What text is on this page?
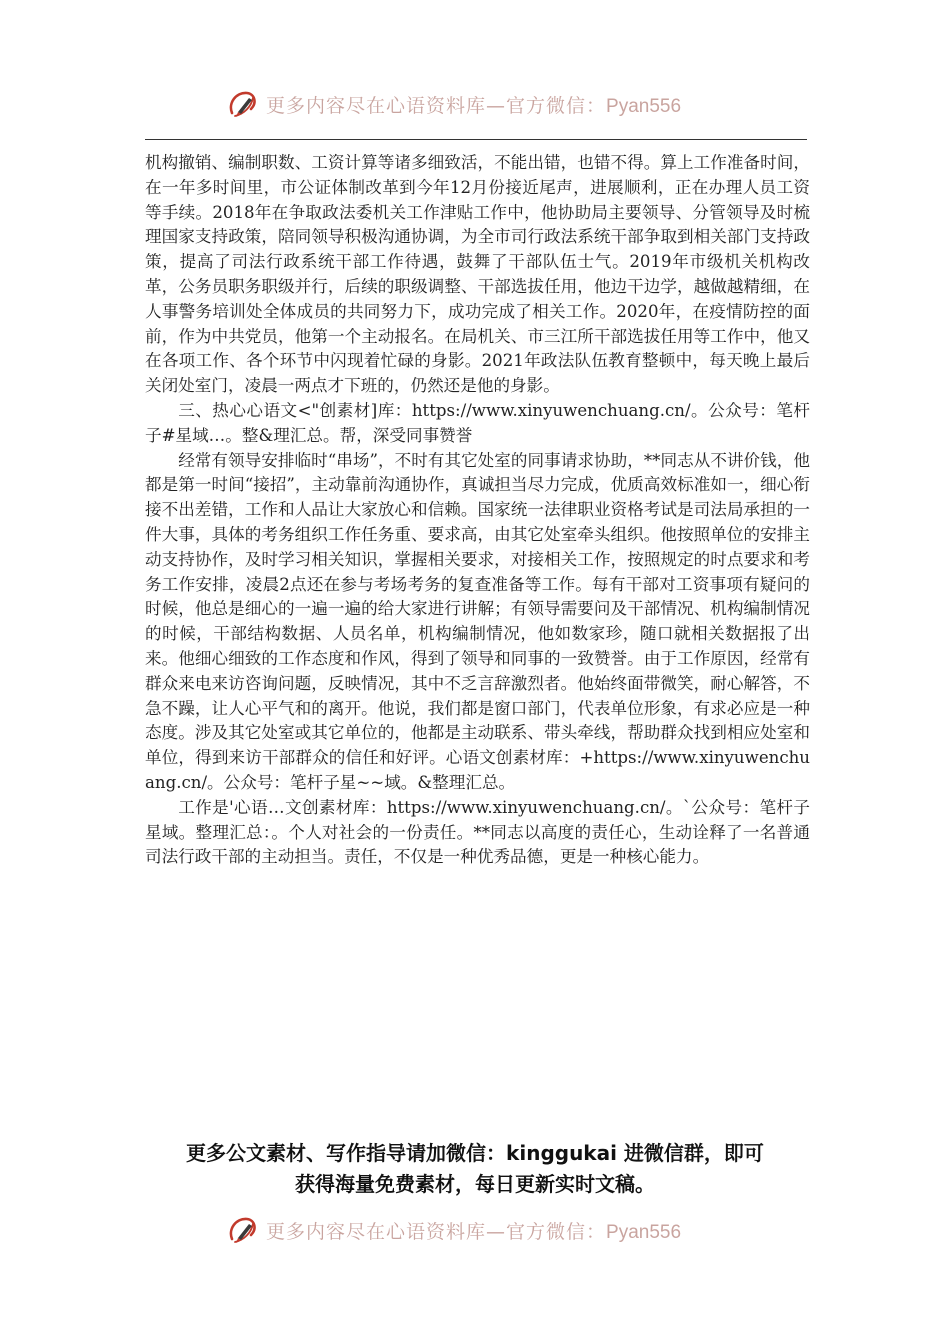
更多内容尽在心语资料库—官方微信：Pyan556

机构撤销、编制职数、工资计算等诸多细致活，不能出错，也错不得。算上工作准备时间，在一年多时间里，市公证体制改革到今年12月份接近尾声，进展顺利，正在办理人员工资等手续。2018年在争取政法委机关工作津贴工作中，他协助局主要领导、分管领导及时梳理国家支持政策，陪同领导积极沟通协调，为全市司行政法系统干部争取到相关部门支持政策，提高了司法行政系统干部工作待遇，鼓舞了干部队伍士气。2019年市级机关机构改革，公务员职务职级并行，后续的职级调整、干部选拔任用，他边干边学，越做越精细，在人事警务培训处全体成员的共同努力下，成功完成了相关工作。2020年，在疫情防控的面前，作为中共党员，他第一个主动报名。在局机关、市三江所干部选拔任用等工作中，他又在各项工作、各个环节中闪现着忙碌的身影。2021年政法队伍教育整顿中，每天晚上最后关闭处室门，凌晨一两点才下班的，仍然还是他的身影。

三、热心心语文<"创素材]库：https://www.xinyuwenchuang.cn/。公众号：笔杆子#星域…。整&理汇总。帮，深受同事赞誉

经常有领导安排临时“串场”，不时有其它处室的同事请求协助，**同志从不讲价钱，他都是第一时间“接招”，主动靠前沟通协作，真诚担当尽力完成，优质高效标准如一，细心衔接不出差错，工作和人品让大家放心和信赖。国家统一法律职业资格考试是司法局承担的一件大事，具体的考务组织工作任务重、要求高，由其它处室牵头组织。他按照单位的安排主动支持协作，及时学习相关知识，掌握相关要求，对接相关工作，按照规定的时点要求和考务工作安排，凌晨2点还在参与考场考务的复查准备等工作。每有干部对工资事项有疑问的时候，他总是细心的一遍一遍的给大家进行讲解；有领导需要问及干部情况、机构编制情况的时候，干部结构数据、人员名单，机构编制情况，他如数家珍，随口就相关数据报了出来。他细心细致的工作态度和作风，得到了领导和同事的一致赞誉。由于工作原因，经常有群众来电来访咨询问题，反映情况，其中不乏言辞激烈者。他始终面带微笑，耐心解答，不急不躁，让人心平气和的离开。他说，我们都是窗口部门，代表单位形象，有求必应是一种态度。涉及其它处室或其它单位的，他都是主动联系、带头牵线，帮助群众找到相应处室和单位，得到来访干部群众的信任和好评。心语文创素材库：+https://www.xinyuwenchuang.cn/。公众号：笔杆子星~~域。&整理汇总。

工作是'心语…文创素材库：https://www.xinyuwenchuang.cn/。`公众号：笔杆子星域。整理汇总：。个人对社会的一份责任。**同志以高度的责任心，生动诠释了一名普通司法行政干部的主动担当。责任，不仅是一种优秀品德，更是一种核心能力。

更多公文素材、写作指导请加微信：kinggukai 进微信群，即可
获得海量免费素材，每日更新实时文稿。
更多内容尽在心语资料库—官方微信：Pyan556
